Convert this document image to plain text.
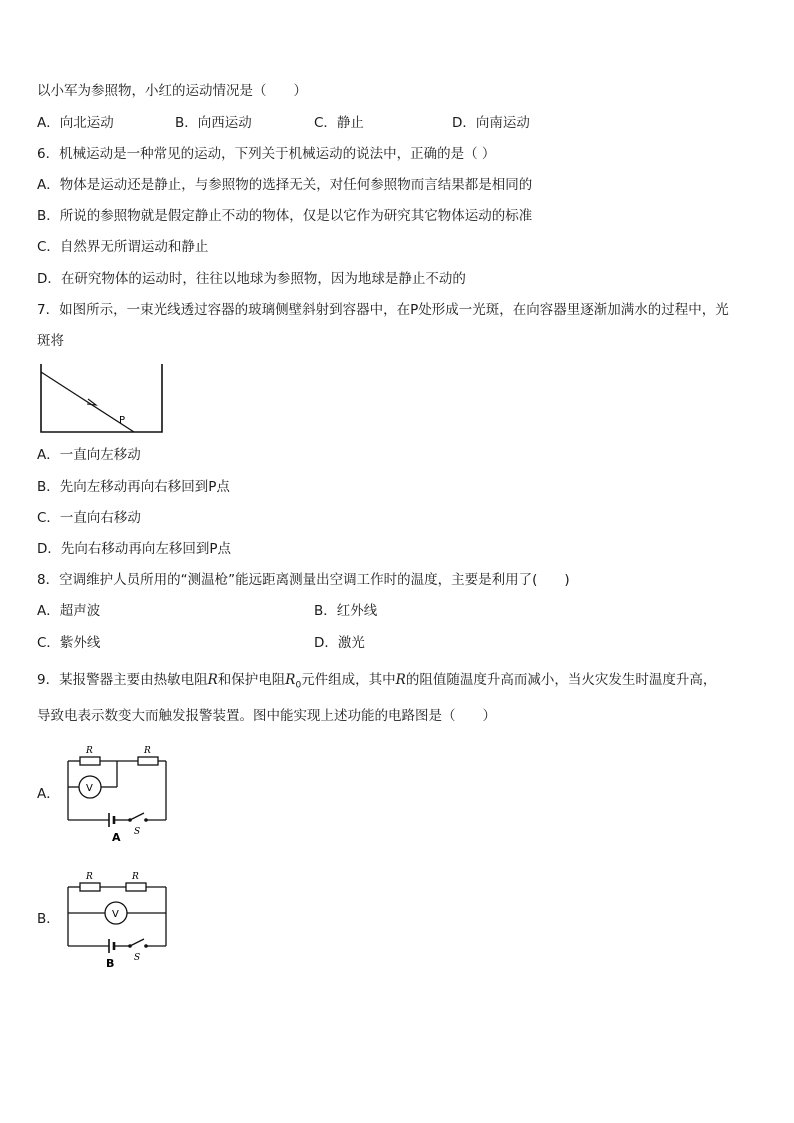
以小军为参照物，小红的运动情况是（　　）
A．向北运动	B．向西运动	C．静止	D．向南运动
6．机械运动是一种常见的运动，下列关于机械运动的说法中，正确的是（ ）
A．物体是运动还是静止，与参照物的选择无关，对任何参照物而言结果都是相同的
B．所说的参照物就是假定静止不动的物体，仅是以它作为研究其它物体运动的标准
C．自然界无所谓运动和静止
D．在研究物体的运动时，往往以地球为参照物，因为地球是静止不动的
7．如图所示，一束光线透过容器的玻璃侧壁斜射到容器中，在P处形成一光斑，在向容器里逐渐加满水的过程中，光
斑将
P
A．一直向左移动
B．先向左移动再向右移回到P点
C．一直向右移动
D．先向右移动再向左移回到P点
8．空调维护人员所用的“测温枪”能远距离测量出空调工作时的温度，主要是利用了(　　)
A．超声波	B．红外线
C．紫外线	D．激光
9．某报警器主要由热敏电阻R和保护电阻$R_0$元件组成，其中R的阻值随温度升高而减小，当火灾发生时温度升高，
导致电表示数变大而触发报警装置。图中能实现上述功能的电路图是（　　）
A．
R	R
V
S
A
B．
R	R
V
S
B
